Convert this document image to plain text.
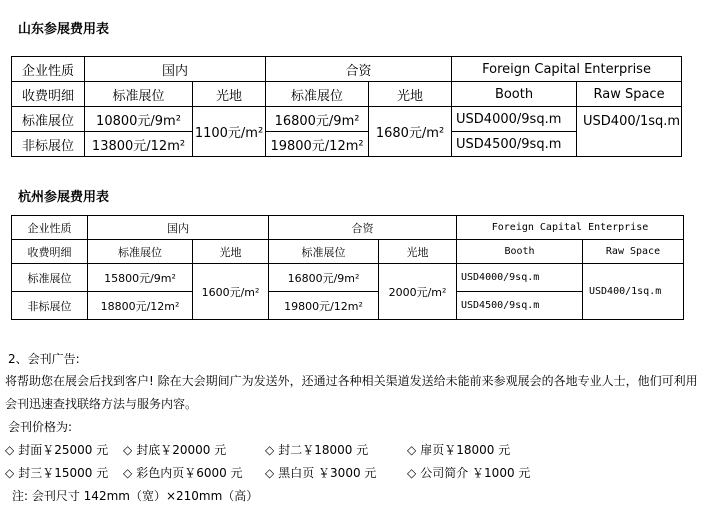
山东参展费用表
企业性质	国内		合资		Foreign Capital Enterprise	
收费明细	标准展位	光地	标准展位	光地	Booth	Raw Space
标准展位	10800元/9m²	1100元/m²	16800元/9m²	1680元/m²	USD4000/9sq.m	USD400/1sq.m
非标展位	13800元/12m²		19800元/12m²		USD4500/9sq.m	
杭州参展费用表
企业性质	国内		合资		Foreign Capital Enterprise	
收费明细	标准展位	光地	标准展位	光地	Booth	Raw Space
标准展位	15800元/9m²	1600元/m²	16800元/9m²	2000元/m²	USD4000/9sq.m	USD400/1sq.m
非标展位	18800元/12m²		19800元/12m²		USD4500/9sq.m	
2、会刊广告:
将帮助您在展会后找到客户! 除在大会期间广为发送外，还通过各种相关渠道发送给未能前来参观展会的各地专业人士，他们可利用
会刊迅速查找联络方法与服务内容。
会刊价格为:
◇ 封面￥25000 元 ◇ 封底￥20000 元	◇ 封二￥18000 元	◇ 扉页￥18000 元
◇ 封三￥15000 元 ◇ 彩色内页￥6000 元 ◇ 黑白页 ￥3000 元	◇ 公司简介 ￥1000 元
注: 会刊尺寸 142mm（宽）×210mm（高）
